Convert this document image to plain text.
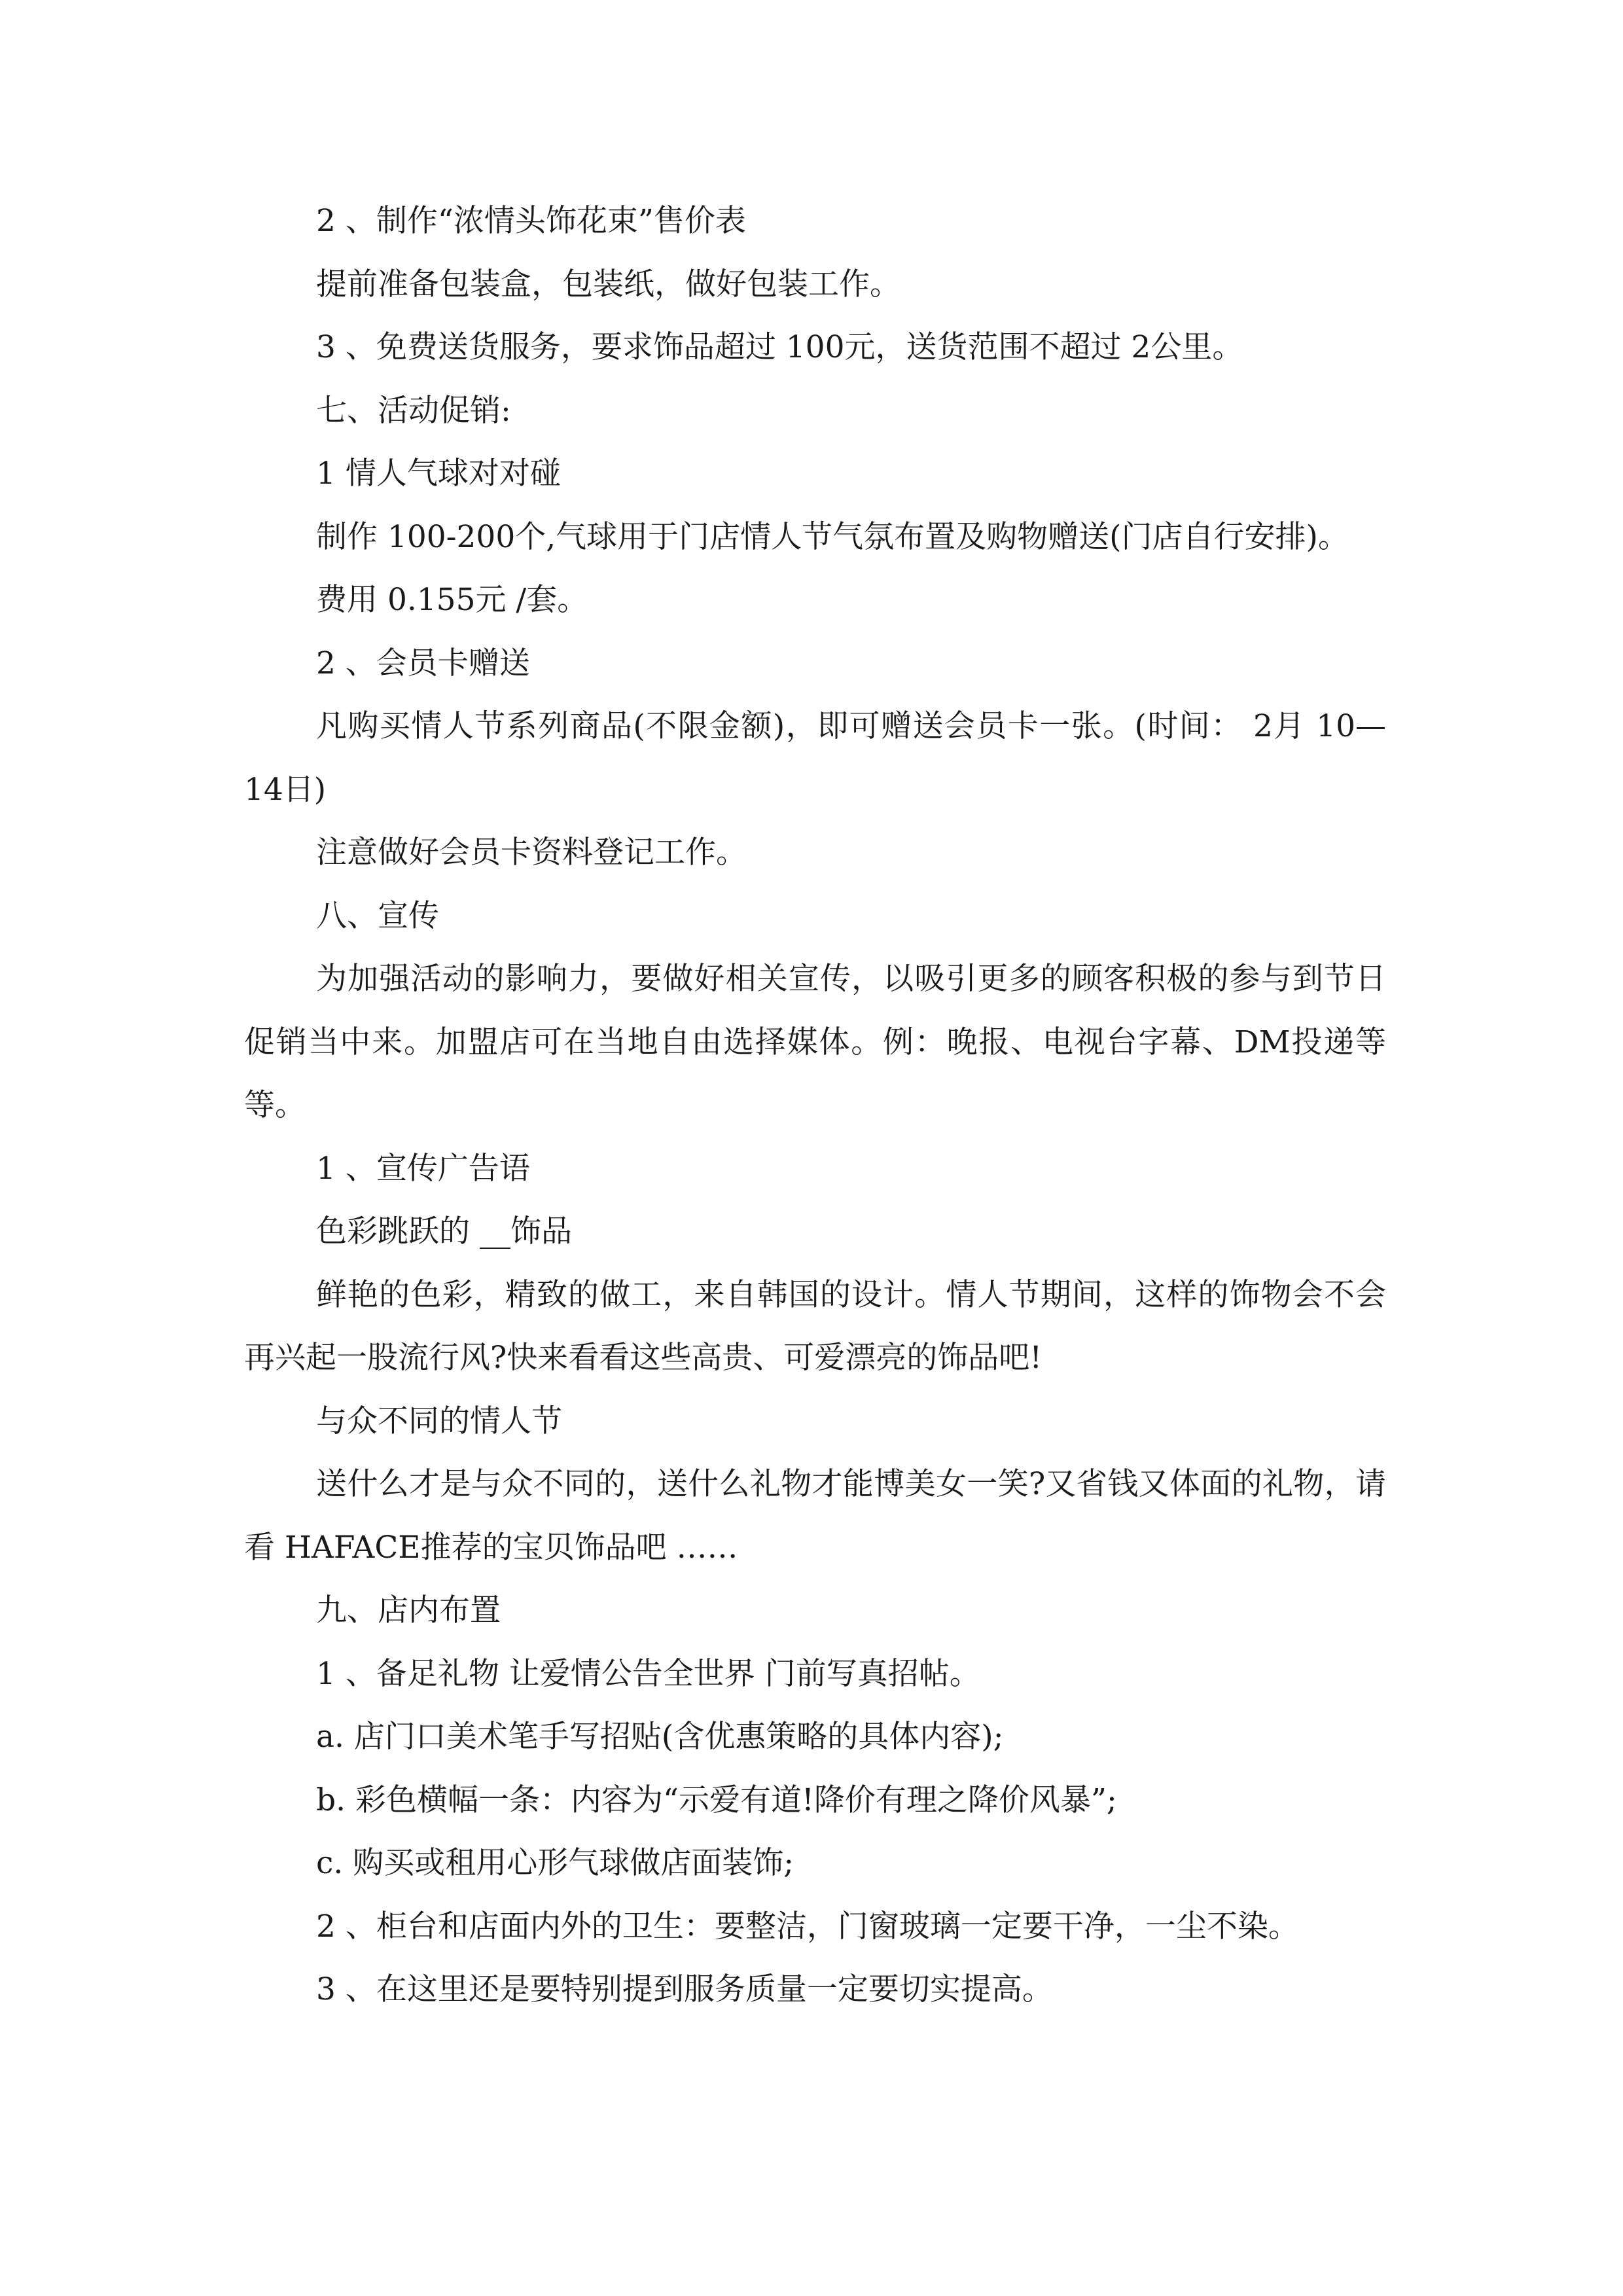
2 、制作“浓情头饰花束”售价表

提前准备包装盒，包装纸，做好包装工作。

3 、免费送货服务，要求饰品超过 100元，送货范围不超过 2公里。

七、活动促销:

1 情人气球对对碰

制作 100-200个,气球用于门店情人节气氛布置及购物赠送(门店自行安排)。

费用 0.155元 /套。

2 、会员卡赠送

凡购买情人节系列商品(不限金额)，即可赠送会员卡一张。(时间： 2月 10— 14日)

注意做好会员卡资料登记工作。

八、宣传

为加强活动的影响力，要做好相关宣传，以吸引更多的顾客积极的参与到节日促销当中来。加盟店可在当地自由选择媒体。例：晚报、电视台字幕、DM投递等等。

1 、宣传广告语

色彩跳跃的 __饰品

鲜艳的色彩，精致的做工，来自韩国的设计。情人节期间，这样的饰物会不会再兴起一股流行风?快来看看这些高贵、可爱漂亮的饰品吧!

与众不同的情人节

送什么才是与众不同的，送什么礼物才能博美女一笑?又省钱又体面的礼物，请看 HAFACE推荐的宝贝饰品吧 ……

九、店内布置

1 、备足礼物 让爱情公告全世界 门前写真招帖。

a. 店门口美术笔手写招贴(含优惠策略的具体内容);

b. 彩色横幅一条：内容为“示爱有道!降价有理之降价风暴”;

c. 购买或租用心形气球做店面装饰;

2 、柜台和店面内外的卫生：要整洁，门窗玻璃一定要干净，一尘不染。

3 、在这里还是要特别提到服务质量一定要切实提高。
